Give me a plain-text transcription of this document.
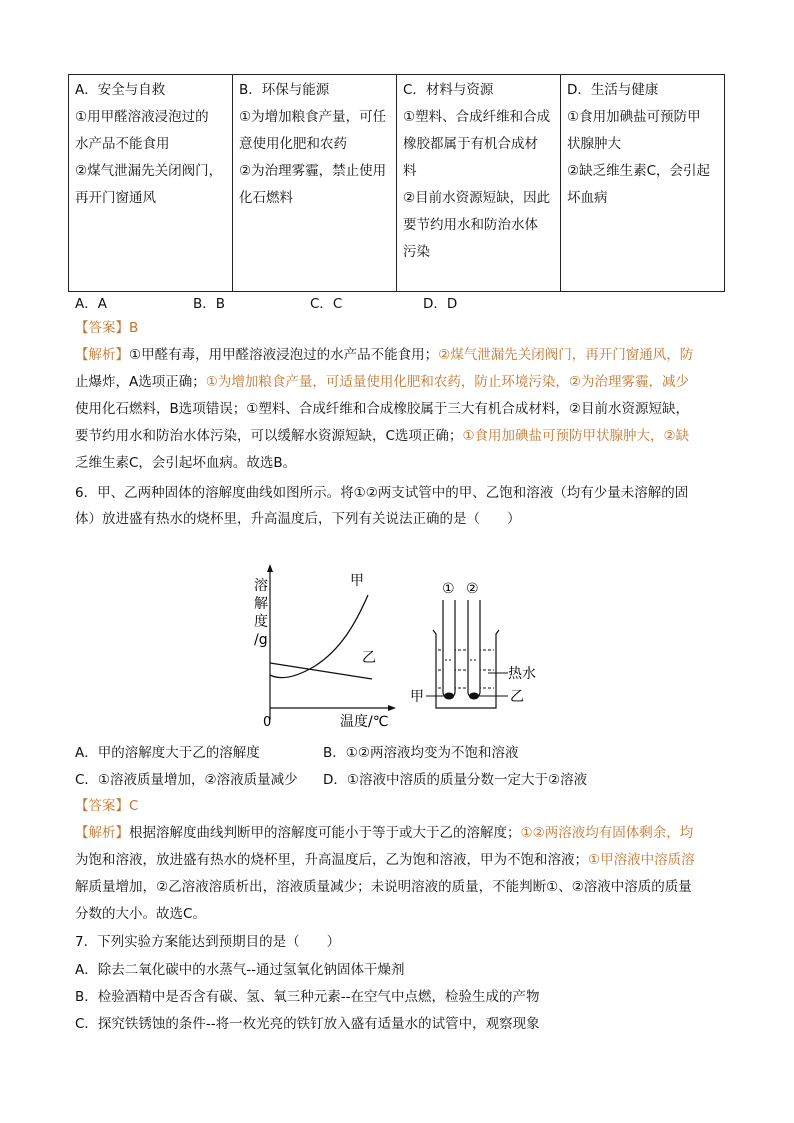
A．安全与自救
①用甲醛溶液浸泡过的
水产品不能食用
②煤气泄漏先关闭阀门，
再开门窗通风

B．环保与能源
①为增加粮食产量，可任
意使用化肥和农药
②为治理雾霾，禁止使用
化石燃料

C．材料与资源
①塑料、合成纤维和合成
橡胶都属于有机合成材
料
②目前水资源短缺，因此
要节约用水和防治水体
污染

D．生活与健康
①食用加碘盐可预防甲
状腺肿大
②缺乏维生素C，会引起
坏血病
A．A	B．B	C．C	D．D
【答案】B
【解析】①甲醛有毒，用甲醛溶液浸泡过的水产品不能食用；②煤气泄漏先关闭阀门，再开门窗通风，防
止爆炸，A选项正确；①为增加粮食产量，可适量使用化肥和农药，防止环境污染，②为治理雾霾，减少
使用化石燃料，B选项错误；①塑料、合成纤维和合成橡胶属于三大有机合成材料，②目前水资源短缺，
要节约用水和防治水体污染，可以缓解水资源短缺，C选项正确；①食用加碘盐可预防甲状腺肿大，②缺
乏维生素C，会引起坏血病。故选B。
6．甲、乙两种固体的溶解度曲线如图所示。将①②两支试管中的甲、乙饱和溶液（均有少量未溶解的固
体）放进盛有热水的烧杯里，升高温度后，下列有关说法正确的是（　　）
溶
解
度
/g
0	温度/℃
甲
乙
① ②
热水
甲	乙
A．甲的溶解度大于乙的溶解度	B．①②两溶液均变为不饱和溶液
C．①溶液质量增加，②溶液质量减少 D．①溶液中溶质的质量分数一定大于②溶液
【答案】C
【解析】根据溶解度曲线判断甲的溶解度可能小于等于或大于乙的溶解度；①②两溶液均有固体剩余，均
为饱和溶液，放进盛有热水的烧杯里，升高温度后，乙为饱和溶液，甲为不饱和溶液；①甲溶液中溶质溶
解质量增加，②乙溶液溶质析出，溶液质量减少；未说明溶液的质量，不能判断①、②溶液中溶质的质量
分数的大小。故选C。
7．下列实验方案能达到预期目的是（　　）
A．除去二氧化碳中的水蒸气--通过氢氧化钠固体干燥剂
B．检验酒精中是否含有碳、氢、氧三种元素--在空气中点燃，检验生成的产物
C．探究铁锈蚀的条件--将一枚光亮的铁钉放入盛有适量水的试管中，观察现象
